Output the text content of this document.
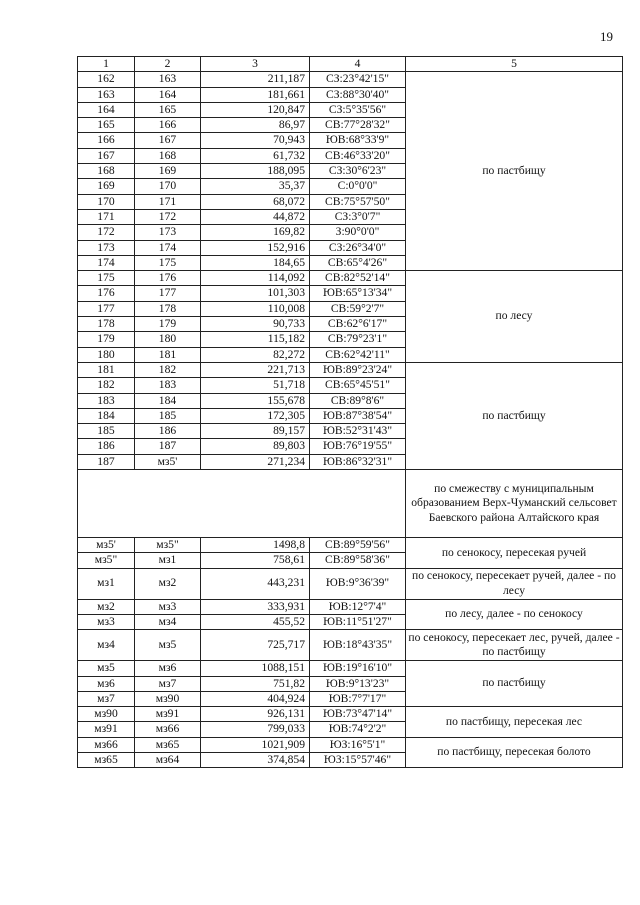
19
1	2	3	4	5
162	163	211,187	СЗ:23°42'15"	по пастбищу
163	164	181,661	СЗ:88°30'40"	
164	165	120,847	СЗ:5°35'56"	
165	166	86,97	СВ:77°28'32"	
166	167	70,943	ЮВ:68°33'9"	
167	168	61,732	СВ:46°33'20"	
168	169	188,095	СЗ:30°6'23"	
169	170	35,37	С:0°0'0"	
170	171	68,072	СВ:75°57'50"	
171	172	44,872	СЗ:3°0'7"	
172	173	169,82	З:90°0'0"	
173	174	152,916	СЗ:26°34'0"	
174	175	184,65	СВ:65°4'26"	
175	176	114,092	СВ:82°52'14"	по лесу
176	177	101,303	ЮВ:65°13'34"	
177	178	110,008	СВ:59°2'7"	
178	179	90,733	СВ:62°6'17"	
179	180	115,182	СВ:79°23'1"	
180	181	82,272	СВ:62°42'11"	
181	182	221,713	ЮВ:89°23'24"	по пастбищу
182	183	51,718	СВ:65°45'51"	
183	184	155,678	СВ:89°8'6"	
184	185	172,305	ЮВ:87°38'54"	
185	186	89,157	ЮВ:52°31'43"	
186	187	89,803	ЮВ:76°19'55"	
187	мз5'	271,234	ЮВ:86°32'31"	
				по смежеству с муниципальным образованием Верх-Чуманский сельсовет Баевского района Алтайского края
мз5'	мз5"	1498,8	СВ:89°59'56"	по сенокосу, пересекая ручей
мз5"	мз1	758,61	СВ:89°58'36"	
мз1	мз2	443,231	ЮВ:9°36'39"	по сенокосу, пересекает ручей, далее - по лесу
мз2	мз3	333,931	ЮВ:12°7'4"	по лесу, далее - по сенокосу
мз3	мз4	455,52	ЮВ:11°51'27"	
мз4	мз5	725,717	ЮВ:18°43'35"	по сенокосу, пересекает лес, ручей, далее - по пастбищу
мз5	мз6	1088,151	ЮВ:19°16'10"	по пастбищу
мз6	мз7	751,82	ЮВ:9°13'23"	
мз7	мз90	404,924	ЮВ:7°7'17"	
мз90	мз91	926,131	ЮВ:73°47'14"	по пастбищу, пересекая лес
мз91	мз66	799,033	ЮВ:74°2'2"	
мз66	мз65	1021,909	ЮЗ:16°5'1"	по пастбищу, пересекая болото
мз65	мз64	374,854	ЮЗ:15°57'46"	
